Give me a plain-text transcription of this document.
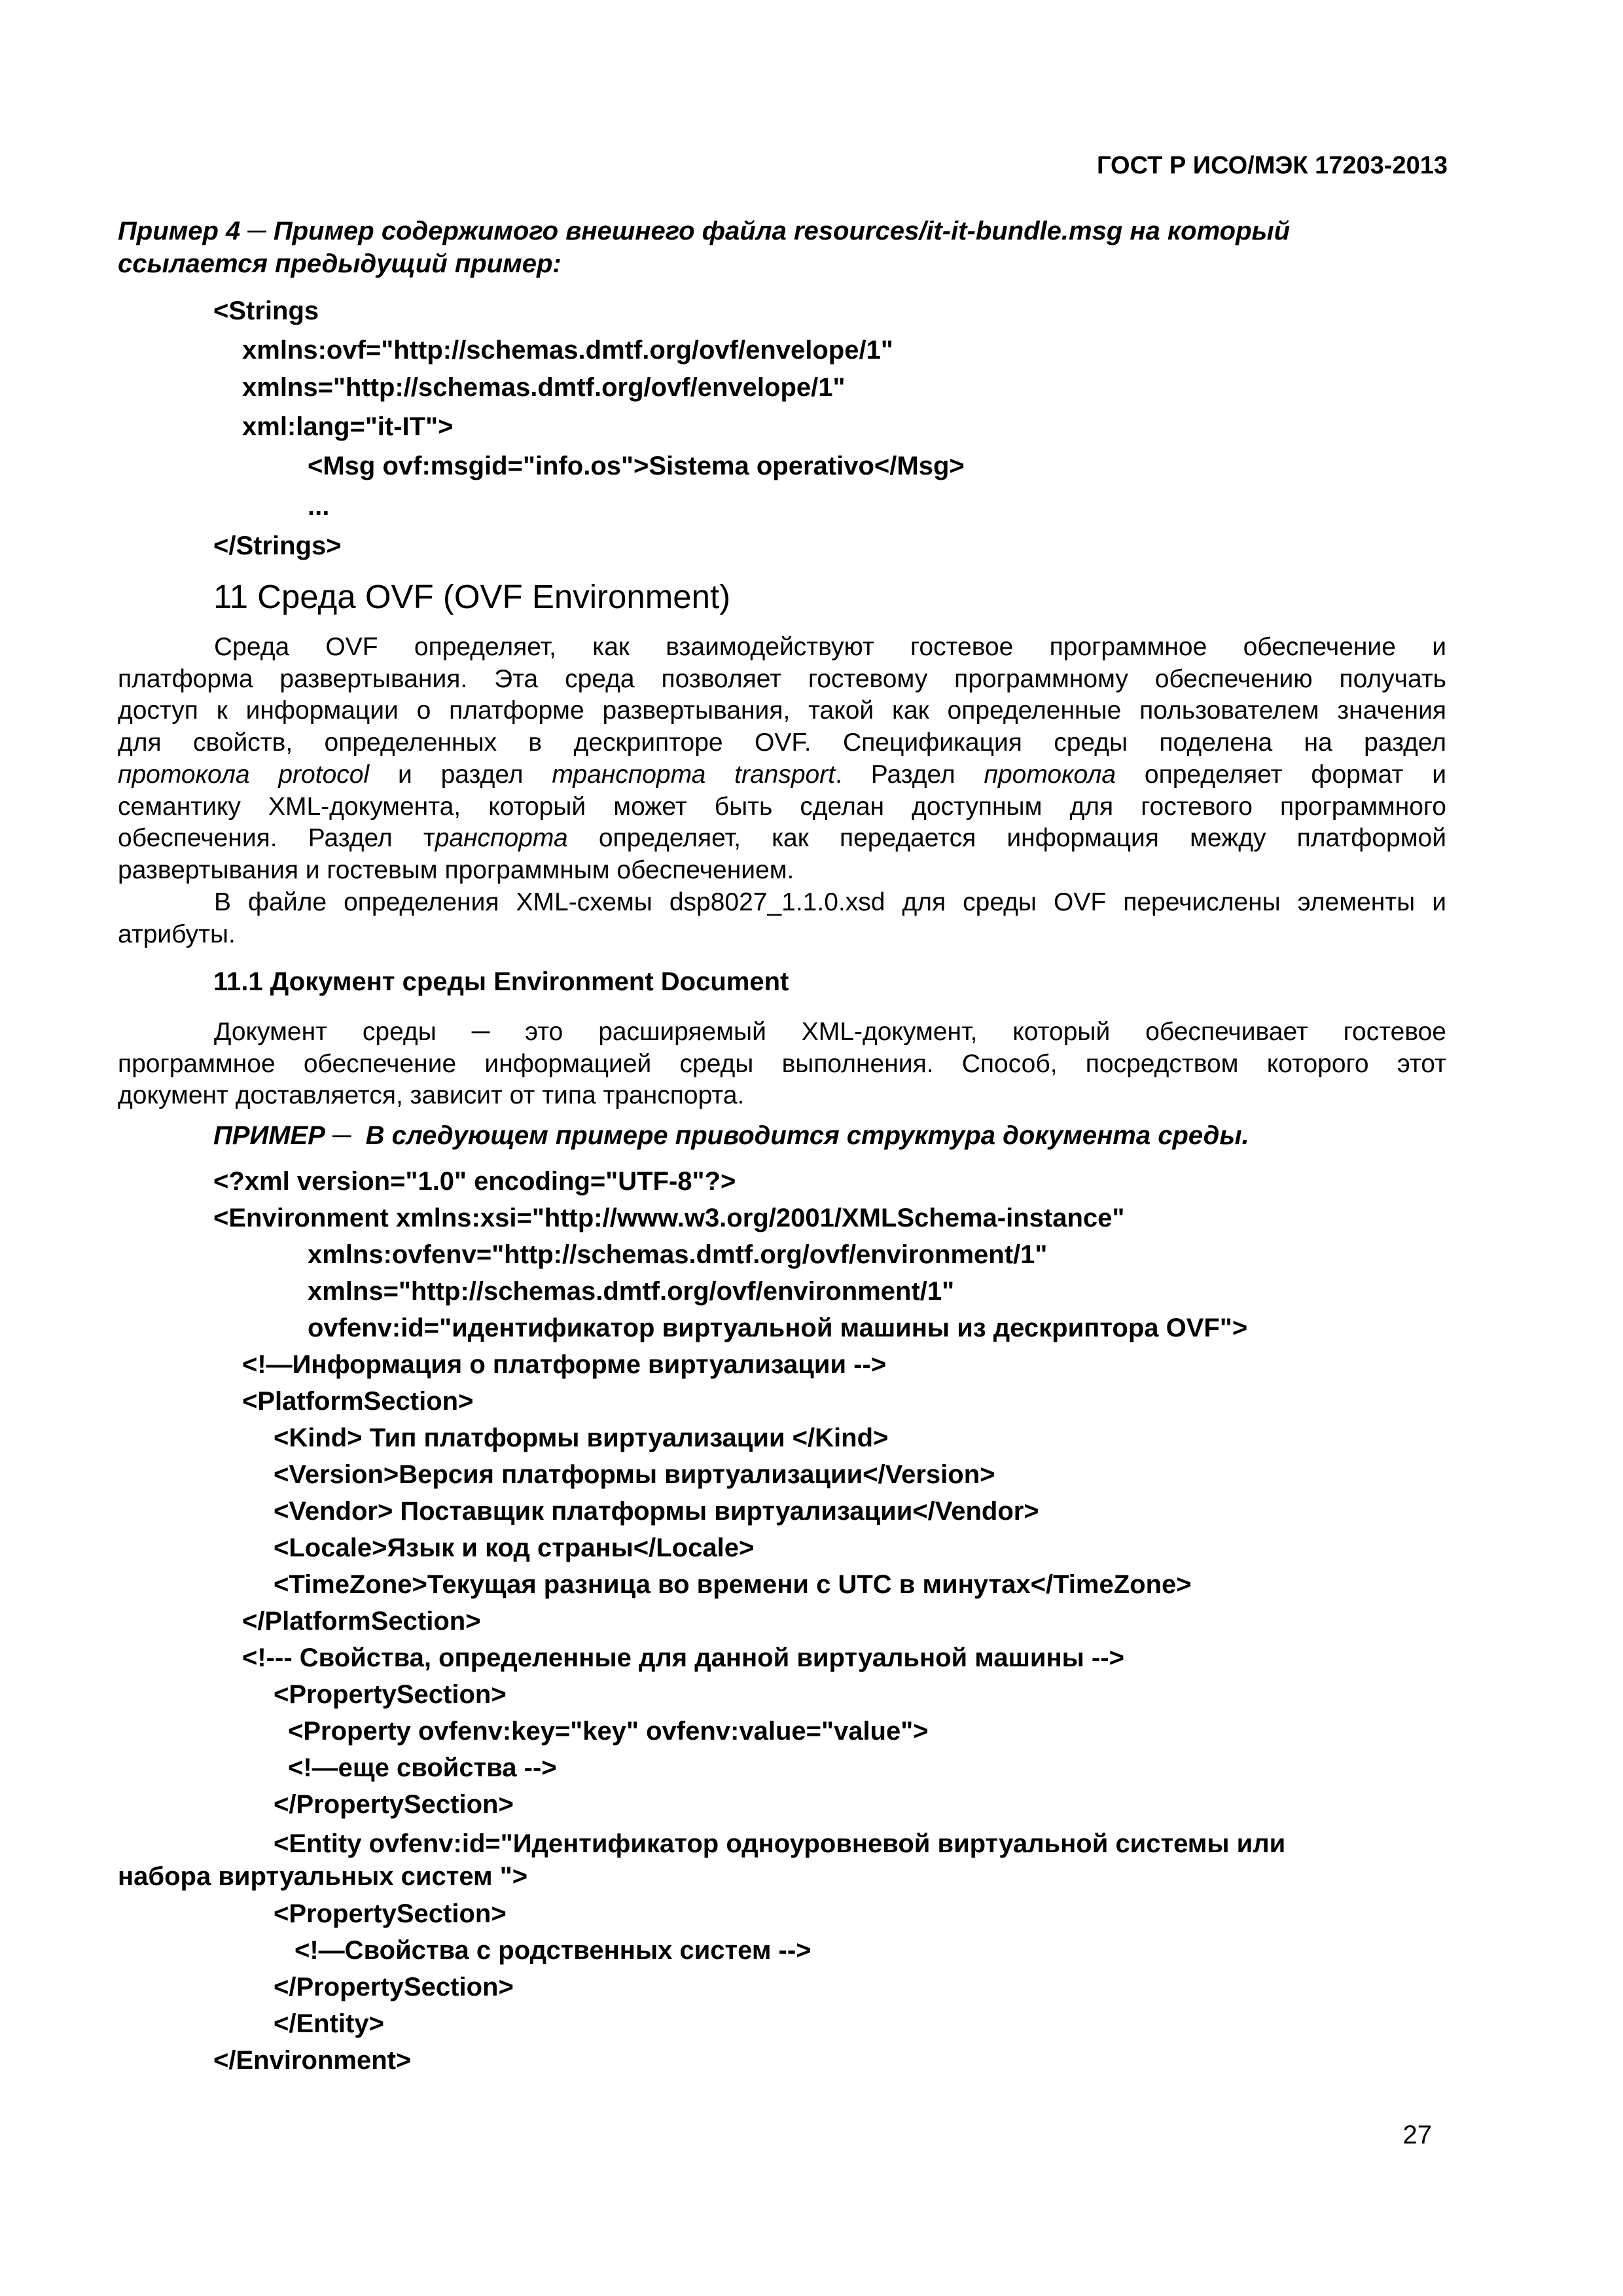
ГОСТ Р ИСО/МЭК 17203-2013
Пример 4 ─ Пример содержимого внешнего файла resources/it-it-bundle.msg на который
ссылается предыдущий пример:
<Strings
xmlns:ovf="http://schemas.dmtf.org/ovf/envelope/1"
xmlns="http://schemas.dmtf.org/ovf/envelope/1"
xml:lang="it-IT">
<Msg ovf:msgid="info.os">Sistema operativo</Msg>
...
</Strings>
11 Среда OVF (OVF Environment)

Среда OVF определяет, как взаимодействуют гостевое программное обеспечение и

платформа развертывания. Эта среда позволяет гостевому программному обеспечению получать

доступ к информации о платформе развертывания, такой как определенные пользователем значения

для свойств, определенных в дескрипторе OVF. Спецификация среды поделена на раздел

протокола protocol и раздел транспорта transport. Раздел протокола определяет формат и

семантику XML-документа, который может быть сделан доступным для гостевого программного

обеспечения. Раздел транспорта определяет, как передается информация между платформой

развертывания и гостевым программным обеспечением.

В файле определения XML-схемы dsp8027_1.1.0.xsd для среды OVF перечислены элементы и

атрибуты.

11.1 Документ среды Environment Document

Документ среды ─ это расширяемый XML-документ, который обеспечивает гостевое

программное обеспечение информацией среды выполнения. Способ, посредством которого этот

документ доставляется, зависит от типа транспорта.

ПРИМЕР ─  В следующем примере приводится структура документа среды.
<?xml version="1.0" encoding="UTF-8"?>
<Environment xmlns:xsi="http://www.w3.org/2001/XMLSchema-instance"
xmlns:ovfenv="http://schemas.dmtf.org/ovf/environment/1"
xmlns="http://schemas.dmtf.org/ovf/environment/1"
ovfenv:id="идентификатор виртуальной машины из дескриптора OVF">
<!—Информация о платформе виртуализации -->
<PlatformSection>
<Kind> Тип платформы виртуализации </Kind>
<Version>Версия платформы виртуализации</Version>
<Vendor> Поставщик платформы виртуализации</Vendor>
<Locale>Язык и код страны</Locale>
<TimeZone>Текущая разница во времени с UTC в минутах</TimeZone>
</PlatformSection>
<!--- Свойства, определенные для данной виртуальной машины -->
<PropertySection>
<Property ovfenv:key="key" ovfenv:value="value">
<!—еще свойства -->
</PropertySection>
<Entity ovfenv:id="Идентификатор одноуровневой виртуальной системы или
набора виртуальных систем ">
<PropertySection>
<!—Свойства с родственных систем -->
</PropertySection>
</Entity>
</Environment>
27
